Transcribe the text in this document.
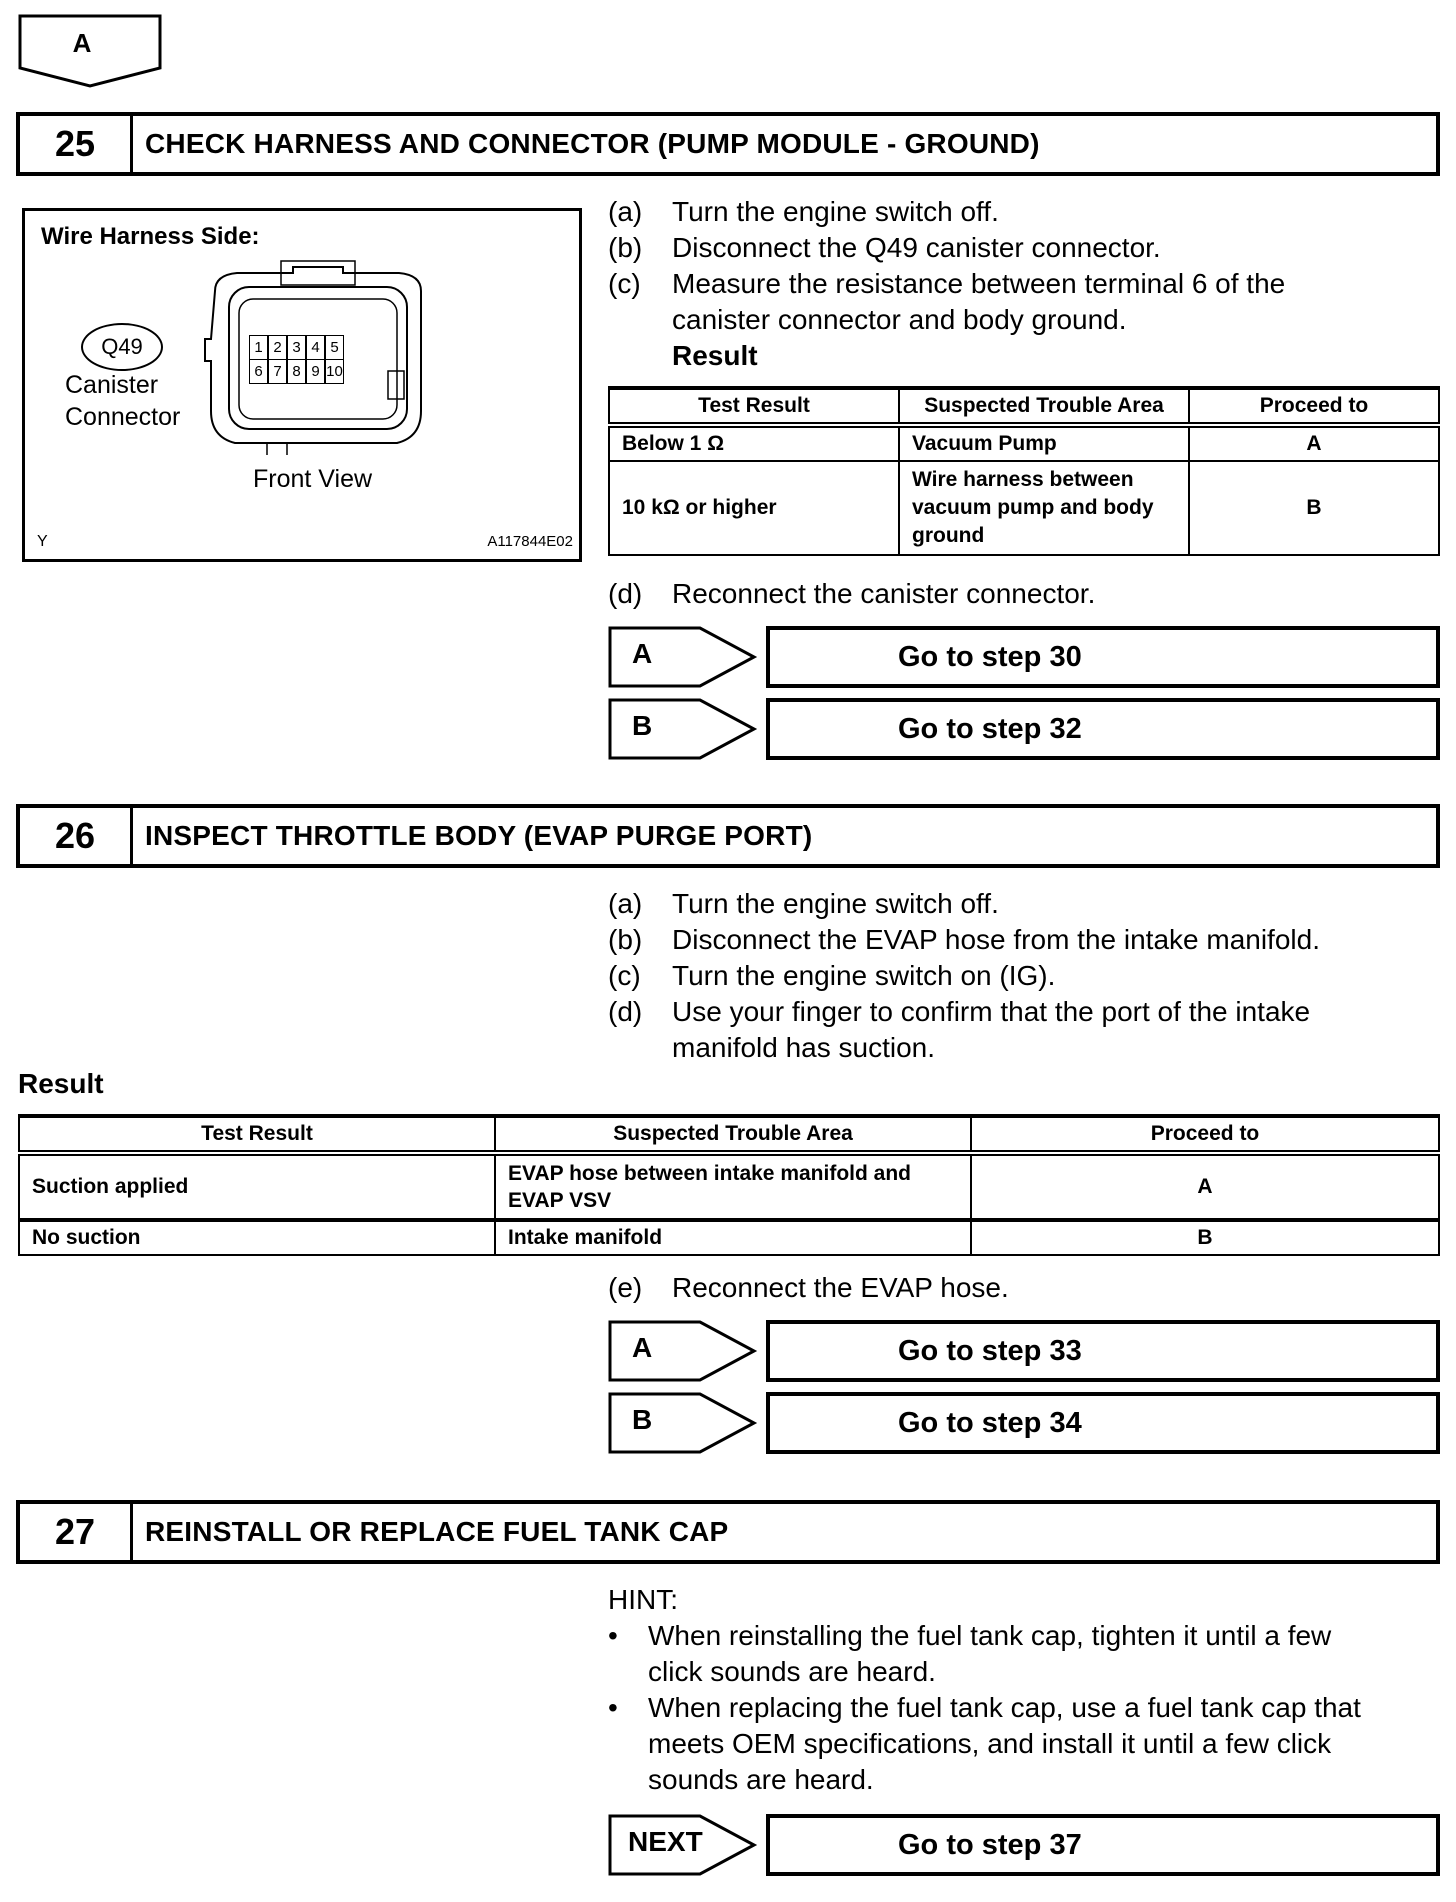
A
25	CHECK HARNESS AND CONNECTOR (PUMP MODULE - GROUND)
Wire Harness Side:
Q49
Canister
Connector
1 2 3 4 5
6 7 8 9 10
Front View
Y	A117844E02
(a)	Turn the engine switch off.
(b)	Disconnect the Q49 canister connector.
(c)	Measure the resistance between terminal 6 of the
canister connector and body ground.
Result
Test Result	Suspected Trouble Area	Proceed to
Below 1 Ω	Vacuum Pump	A
10 kΩ or higher	Wire harness between vacuum pump and body ground	B
(d)	Reconnect the canister connector.
A	Go to step 30
B	Go to step 32
26	INSPECT THROTTLE BODY (EVAP PURGE PORT)
(a)	Turn the engine switch off.
(b)	Disconnect the EVAP hose from the intake manifold.
(c)	Turn the engine switch on (IG).
(d)	Use your finger to confirm that the port of the intake
manifold has suction.
Result
Test Result	Suspected Trouble Area	Proceed to
Suction applied	EVAP hose between intake manifold and EVAP VSV	A
No suction	Intake manifold	B
(e)	Reconnect the EVAP hose.
A	Go to step 33
B	Go to step 34
27	REINSTALL OR REPLACE FUEL TANK CAP
HINT:
•	When reinstalling the fuel tank cap, tighten it until a few
click sounds are heard.
•	When replacing the fuel tank cap, use a fuel tank cap that
meets OEM specifications, and install it until a few click
sounds are heard.
NEXT	Go to step 37
